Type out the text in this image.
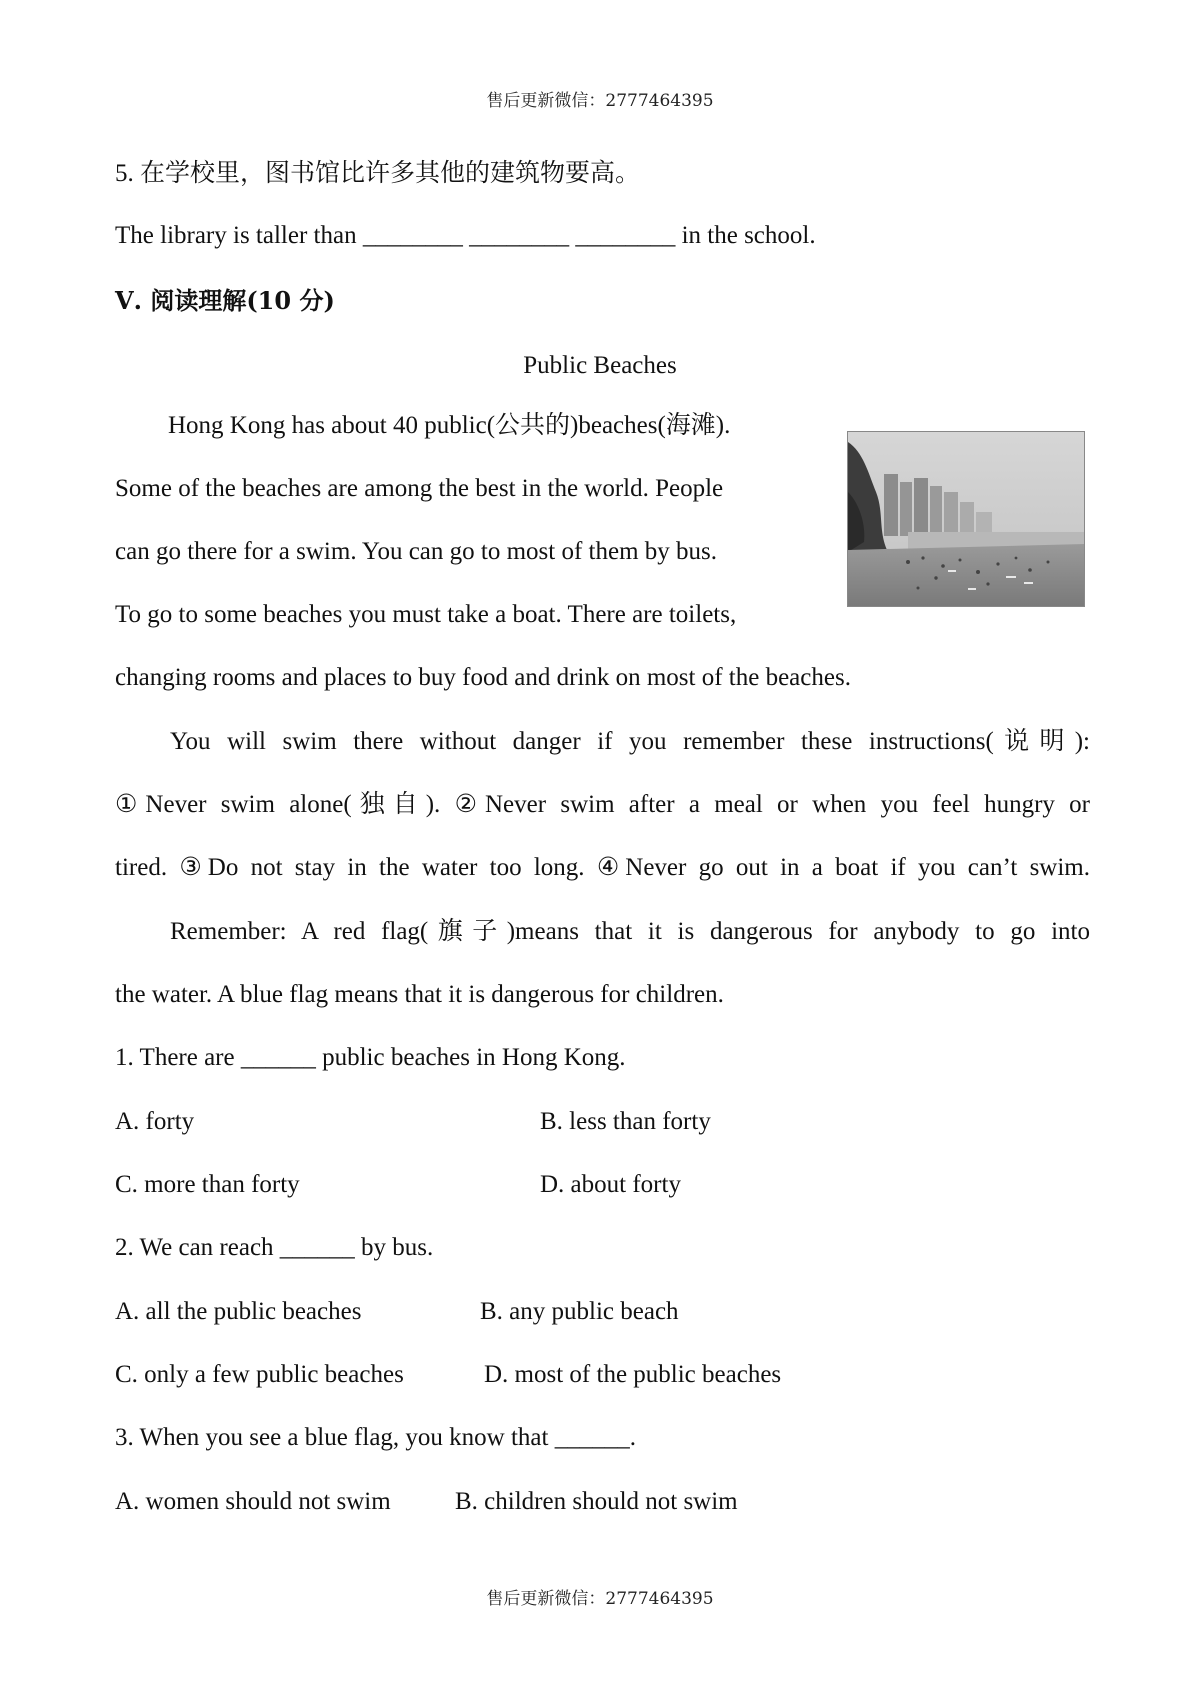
售后更新微信：2777464395
5. 在学校里，图书馆比许多其他的建筑物要高。
The library is taller than ________ ________ ________ in the school.
Ⅴ. 阅读理解(10 分)
Public Beaches
Hong Kong has about 40 public(公共的)beaches(海滩).
Some of the beaches are among the best in the world. People
can go there for a swim. You can go to most of them by bus.
To go to some beaches you must take a boat. There are toilets,
changing rooms and places to buy food and drink on most of the beaches.
You will swim there without danger if you remember these instructions(说明):
①Never swim alone(独自). ②Never swim after a meal or when you feel hungry or
tired. ③Do not stay in the water too long. ④Never go out in a boat if you can’t swim.
Remember: A red flag(旗子)means that it is dangerous for anybody to go into
the water. A blue flag means that it is dangerous for children.
1. There are ______ public beaches in Hong Kong.
A. forty	B. less than forty
C. more than forty	D. about forty
2. We can reach ______ by bus.
A. all the public beaches	B. any public beach
C. only a few public beaches	D. most of the public beaches
3. When you see a blue flag, you know that ______.
A. women should not swim	B. children should not swim
售后更新微信：2777464395
